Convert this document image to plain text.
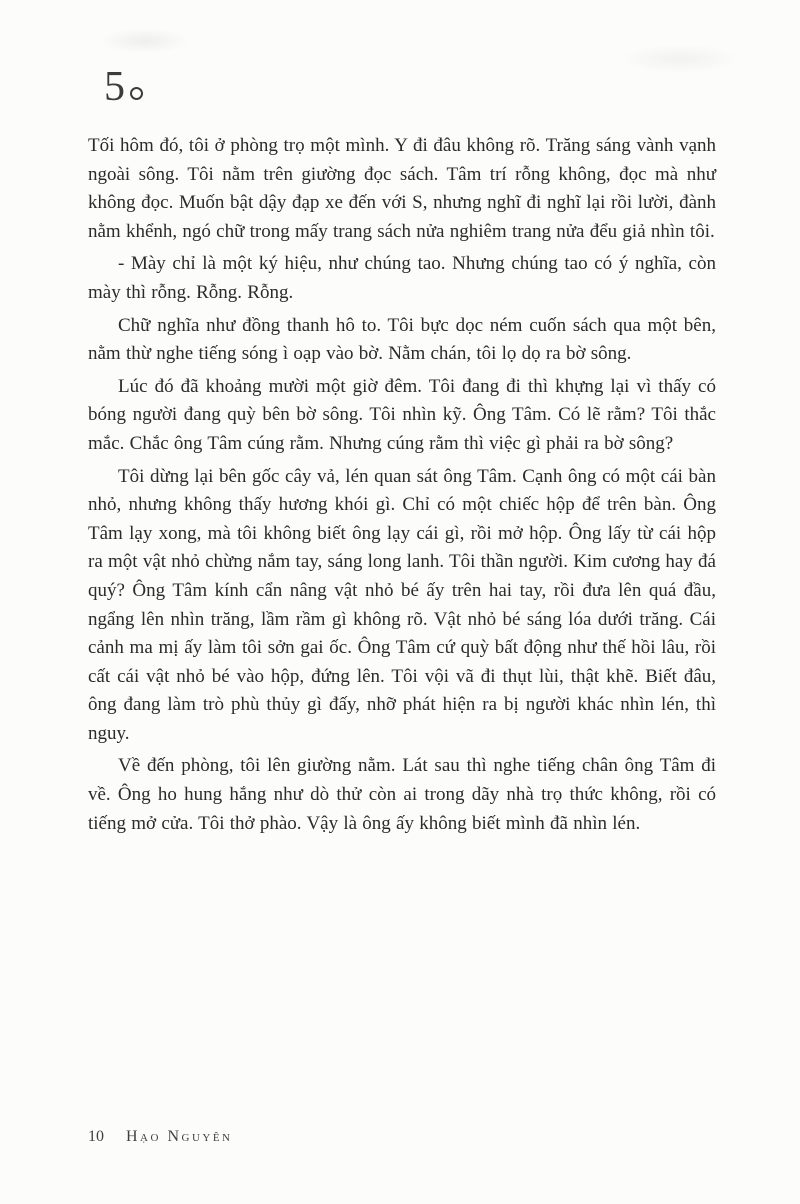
5

Tối hôm đó, tôi ở phòng trọ một mình. Y đi đâu không rõ. Trăng sáng vành vạnh ngoài sông. Tôi nằm trên giường đọc sách. Tâm trí rỗng không, đọc mà như không đọc. Muốn bật dậy đạp xe đến với S, nhưng nghĩ đi nghĩ lại rồi lười, đành nằm khểnh, ngó chữ trong mấy trang sách nửa nghiêm trang nửa đểu giả nhìn tôi.

- Mày chỉ là một ký hiệu, như chúng tao. Nhưng chúng tao có ý nghĩa, còn mày thì rỗng. Rỗng. Rỗng.

Chữ nghĩa như đồng thanh hô to. Tôi bực dọc ném cuốn sách qua một bên, nằm thừ nghe tiếng sóng ì oạp vào bờ. Nằm chán, tôi lọ dọ ra bờ sông.

Lúc đó đã khoảng mười một giờ đêm. Tôi đang đi thì khựng lại vì thấy có bóng người đang quỳ bên bờ sông. Tôi nhìn kỹ. Ông Tâm. Có lẽ rằm? Tôi thắc mắc. Chắc ông Tâm cúng rằm. Nhưng cúng rằm thì việc gì phải ra bờ sông?

Tôi dừng lại bên gốc cây vả, lén quan sát ông Tâm. Cạnh ông có một cái bàn nhỏ, nhưng không thấy hương khói gì. Chỉ có một chiếc hộp để trên bàn. Ông Tâm lạy xong, mà tôi không biết ông lạy cái gì, rồi mở hộp. Ông lấy từ cái hộp ra một vật nhỏ chừng nắm tay, sáng long lanh. Tôi thần người. Kim cương hay đá quý? Ông Tâm kính cẩn nâng vật nhỏ bé ấy trên hai tay, rồi đưa lên quá đầu, ngẩng lên nhìn trăng, lầm rầm gì không rõ. Vật nhỏ bé sáng lóa dưới trăng. Cái cảnh ma mị ấy làm tôi sởn gai ốc. Ông Tâm cứ quỳ bất động như thế hồi lâu, rồi cất cái vật nhỏ bé vào hộp, đứng lên. Tôi vội vã đi thụt lùi, thật khẽ. Biết đâu, ông đang làm trò phù thủy gì đấy, nhỡ phát hiện ra bị người khác nhìn lén, thì nguy.

Về đến phòng, tôi lên giường nằm. Lát sau thì nghe tiếng chân ông Tâm đi về. Ông ho hung hắng như dò thử còn ai trong dãy nhà trọ thức không, rồi có tiếng mở cửa. Tôi thở phào. Vậy là ông ấy không biết mình đã nhìn lén.

10 Hạo Nguyên
